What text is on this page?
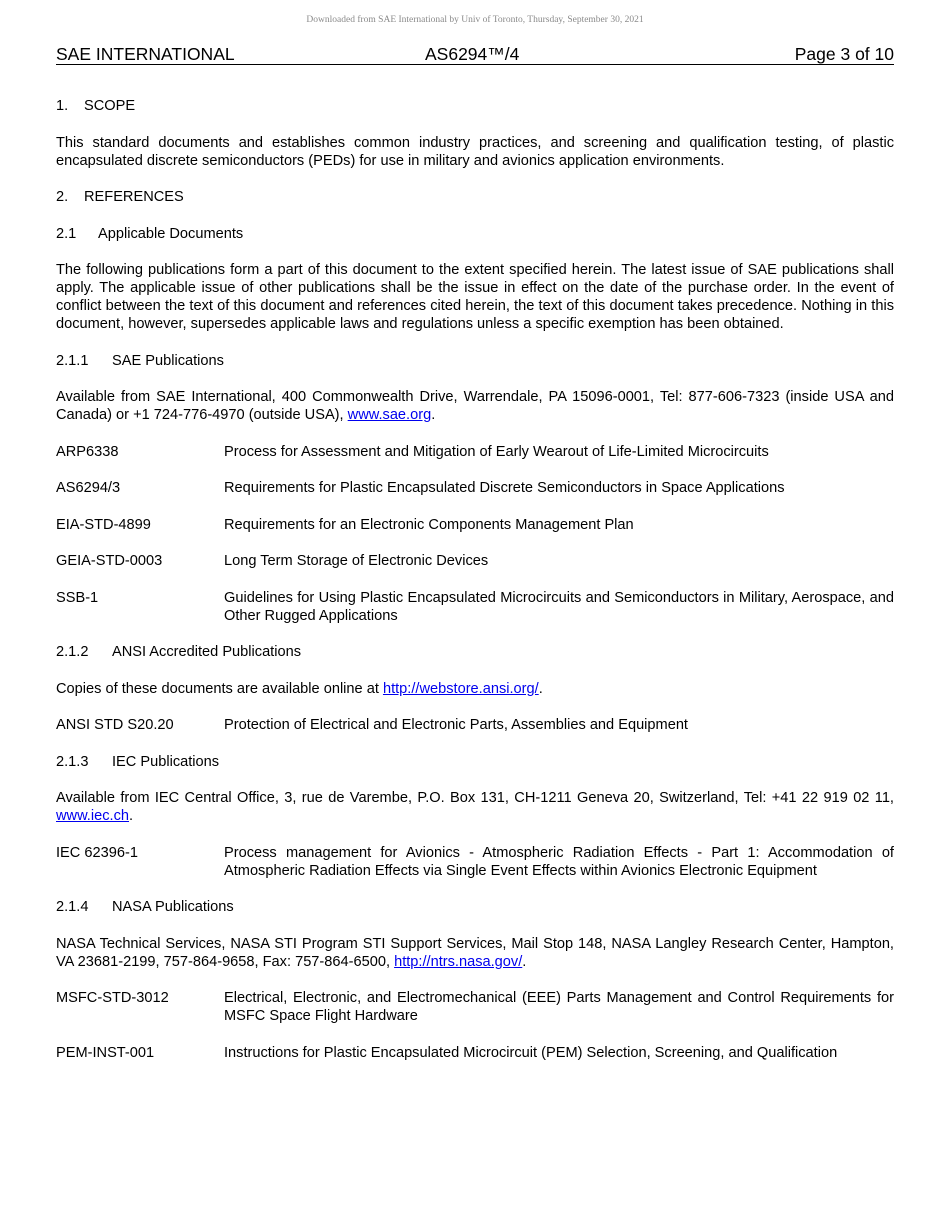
Downloaded from SAE International by Univ of Toronto, Thursday, September 30, 2021
SAE INTERNATIONAL	AS6294™/4	Page 3 of 10
1. SCOPE

This standard documents and establishes common industry practices, and screening and qualification testing, of plastic encapsulated discrete semiconductors (PEDs) for use in military and avionics application environments.

2. REFERENCES
2.1 Applicable Documents

The following publications form a part of this document to the extent specified herein. The latest issue of SAE publications shall apply. The applicable issue of other publications shall be the issue in effect on the date of the purchase order. In the event of conflict between the text of this document and references cited herein, the text of this document takes precedence. Nothing in this document, however, supersedes applicable laws and regulations unless a specific exemption has been obtained.

2.1.1 SAE Publications

Available from SAE International, 400 Commonwealth Drive, Warrendale, PA 15096-0001, Tel: 877-606-7323 (inside USA and Canada) or +1 724-776-4970 (outside USA), www.sae.org.

ARP6338	Process for Assessment and Mitigation of Early Wearout of Life-Limited Microcircuits
AS6294/3	Requirements for Plastic Encapsulated Discrete Semiconductors in Space Applications
EIA-STD-4899	Requirements for an Electronic Components Management Plan
GEIA-STD-0003	Long Term Storage of Electronic Devices
SSB-1	Guidelines for Using Plastic Encapsulated Microcircuits and Semiconductors in Military, Aerospace, and Other Rugged Applications
2.1.2 ANSI Accredited Publications

Copies of these documents are available online at http://webstore.ansi.org/.

ANSI STD S20.20	Protection of Electrical and Electronic Parts, Assemblies and Equipment
2.1.3 IEC Publications

Available from IEC Central Office, 3, rue de Varembe, P.O. Box 131, CH-1211 Geneva 20, Switzerland, Tel: +41 22 919 02 11, www.iec.ch.

IEC 62396-1	Process management for Avionics - Atmospheric Radiation Effects - Part 1: Accommodation of Atmospheric Radiation Effects via Single Event Effects within Avionics Electronic Equipment
2.1.4 NASA Publications

NASA Technical Services, NASA STI Program STI Support Services, Mail Stop 148, NASA Langley Research Center, Hampton, VA 23681-2199, 757-864-9658, Fax: 757-864-6500, http://ntrs.nasa.gov/.

MSFC-STD-3012	Electrical, Electronic, and Electromechanical (EEE) Parts Management and Control Requirements for MSFC Space Flight Hardware
PEM-INST-001	Instructions for Plastic Encapsulated Microcircuit (PEM) Selection, Screening, and Qualification
